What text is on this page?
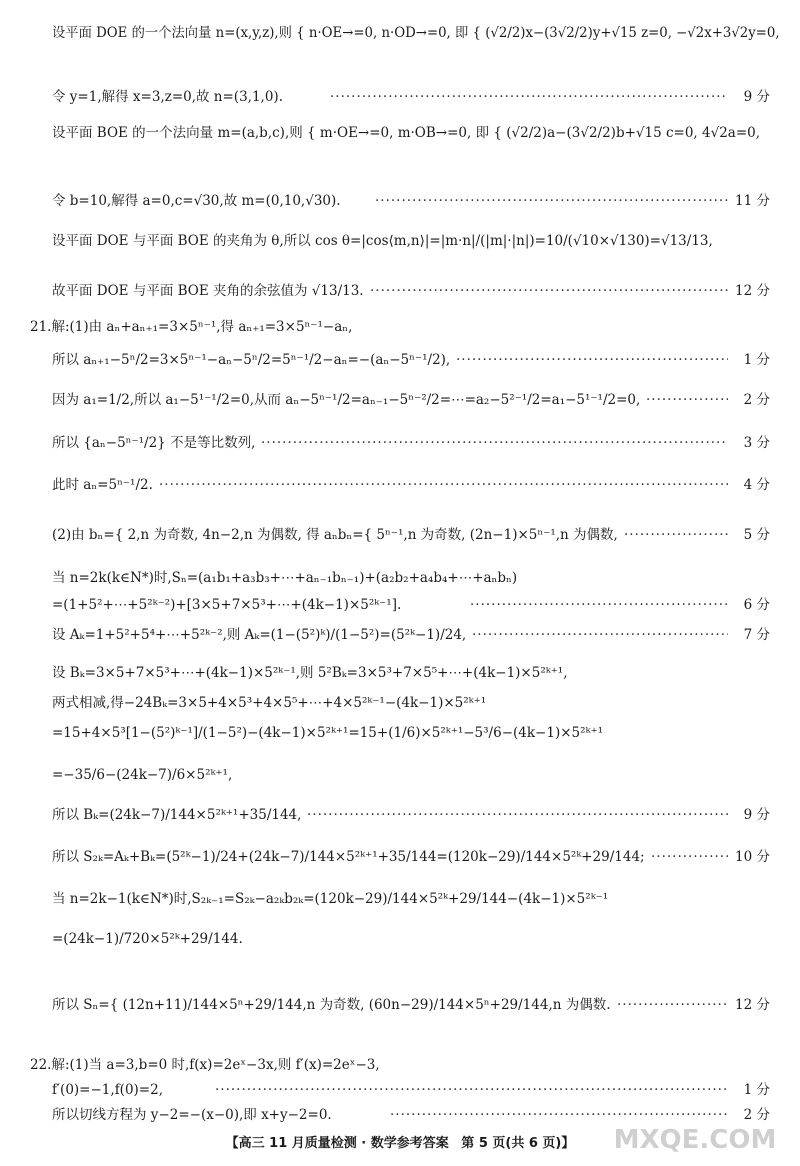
设平面 DOE 的一个法向量 n=(x,y,z),则 { n·OE→=0, n·OD→=0, 即 { (√2/2)x−(3√2/2)y+√15 z=0, −√2x+3√2y=0,
令 y=1,解得 x=3,z=0,故 n=(3,1,0). ·····	9 分
设平面 BOE 的一个法向量 m=(a,b,c),则 { m·OE→=0, m·OB→=0, 即 { (√2/2)a−(3√2/2)b+√15 c=0, 4√2a=0,
令 b=10,解得 a=0,c=√30,故 m=(0,10,√30). ·····	11 分
设平面 DOE 与平面 BOE 的夹角为 θ,所以 cos θ=|cos⟨m,n⟩|=|m·n|/(|m|·|n|)=10/(√10×√130)=√13/13,
故平面 DOE 与平面 BOE 夹角的余弦值为 √13/13. ·····	12 分
21.解:(1)由 aₙ+aₙ₊₁=3×5ⁿ⁻¹,得 aₙ₊₁=3×5ⁿ⁻¹−aₙ,
所以 aₙ₊₁−5ⁿ/2=3×5ⁿ⁻¹−aₙ−5ⁿ/2=5ⁿ⁻¹/2−aₙ=−(aₙ−5ⁿ⁻¹/2), ·····	1 分
因为 a₁=1/2,所以 a₁−5¹⁻¹/2=0,从而 aₙ−5ⁿ⁻¹/2=aₙ₋₁−5ⁿ⁻²/2=⋯=a₂−5²⁻¹/2=a₁−5¹⁻¹/2=0, ·····	2 分
所以 {aₙ−5ⁿ⁻¹/2} 不是等比数列, ·····	3 分
此时 aₙ=5ⁿ⁻¹/2. ·····	4 分
(2)由 bₙ={ 2,n 为奇数, 4n−2,n 为偶数, 得 aₙbₙ={ 5ⁿ⁻¹,n 为奇数, (2n−1)×5ⁿ⁻¹,n 为偶数, ·····	5 分
当 n=2k(k∈N*)时,Sₙ=(a₁b₁+a₃b₃+⋯+aₙ₋₁bₙ₋₁)+(a₂b₂+a₄b₄+⋯+aₙbₙ)
=(1+5²+⋯+5²ᵏ⁻²)+[3×5+7×5³+⋯+(4k−1)×5²ᵏ⁻¹]. ·····	6 分
设 Aₖ=1+5²+5⁴+⋯+5²ᵏ⁻²,则 Aₖ=(1−(5²)ᵏ)/(1−5²)=(5²ᵏ−1)/24, ·····	7 分
设 Bₖ=3×5+7×5³+⋯+(4k−1)×5²ᵏ⁻¹,则 5²Bₖ=3×5³+7×5⁵+⋯+(4k−1)×5²ᵏ⁺¹,
两式相减,得−24Bₖ=3×5+4×5³+4×5⁵+⋯+4×5²ᵏ⁻¹−(4k−1)×5²ᵏ⁺¹
=15+4×5³[1−(5²)ᵏ⁻¹]/(1−5²)−(4k−1)×5²ᵏ⁺¹=15+(1/6)×5²ᵏ⁺¹−5³/6−(4k−1)×5²ᵏ⁺¹
=−35/6−(24k−7)/6×5²ᵏ⁺¹,
所以 Bₖ=(24k−7)/144×5²ᵏ⁺¹+35/144, ·····	9 分
所以 S₂ₖ=Aₖ+Bₖ=(5²ᵏ−1)/24+(24k−7)/144×5²ᵏ⁺¹+35/144=(120k−29)/144×5²ᵏ+29/144; ·····	10 分
当 n=2k−1(k∈N*)时,S₂ₖ₋₁=S₂ₖ−a₂ₖb₂ₖ=(120k−29)/144×5²ᵏ+29/144−(4k−1)×5²ᵏ⁻¹
=(24k−1)/720×5²ᵏ+29/144.
所以 Sₙ={ (12n+11)/144×5ⁿ+29/144,n 为奇数, (60n−29)/144×5ⁿ+29/144,n 为偶数. ·····	12 分
22.解:(1)当 a=3,b=0 时,f(x)=2eˣ−3x,则 f′(x)=2eˣ−3,
f′(0)=−1,f(0)=2, ·····	1 分
所以切线方程为 y−2=−(x−0),即 x+y−2=0. ·····	2 分
【高三 11 月质量检测 · 数学参考答案 第 5 页(共 6 页)】	MXQE.COM
